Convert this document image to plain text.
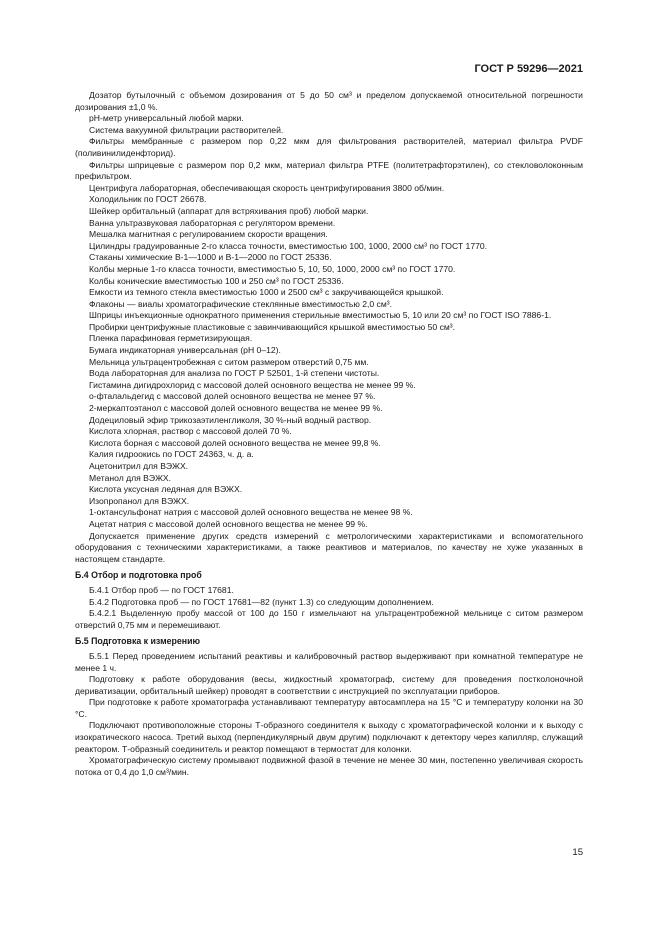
ГОСТ Р 59296—2021

Дозатор бутылочный с объемом дозирования от 5 до 50 см³ и пределом допускаемой относительной погрешности дозирования ±1,0 %.

рН-метр универсальный любой марки.

Система вакуумной фильтрации растворителей.

Фильтры мембранные с размером пор 0,22 мкм для фильтрования растворителей, материал фильтра PVDF (поливинилиденфторид).

Фильтры шприцевые с размером пор 0,2 мкм, материал фильтра PTFE (политетрафторэтилен), со стекловолоконным префильтром.

Центрифуга лабораторная, обеспечивающая скорость центрифугирования 3800 об/мин.

Холодильник по ГОСТ 26678.

Шейкер орбитальный (аппарат для встряхивания проб) любой марки.

Ванна ультразвуковая лабораторная с регулятором времени.

Мешалка магнитная с регулированием скорости вращения.

Цилиндры градуированные 2-го класса точности, вместимостью 100, 1000, 2000 см³ по ГОСТ 1770.

Стаканы химические В-1—1000 и В-1—2000 по ГОСТ 25336.

Колбы мерные 1-го класса точности, вместимостью 5, 10, 50, 1000, 2000 см³ по ГОСТ 1770.

Колбы конические вместимостью 100 и 250 см³ по ГОСТ 25336.

Емкости из темного стекла вместимостью 1000 и 2500 см³ с закручивающейся крышкой.

Флаконы — виалы хроматографические стеклянные вместимостью 2,0 см³.

Шприцы инъекционные однократного применения стерильные вместимостью 5, 10 или 20 см³ по ГОСТ ISO 7886-1.

Пробирки центрифужные пластиковые с завинчивающийся крышкой вместимостью 50 см³.

Пленка парафиновая герметизирующая.

Бумага индикаторная универсальная (рН 0–12).

Мельница ультрацентробежная с ситом размером отверстий 0,75 мм.

Вода лабораторная для анализа по ГОСТ Р 52501, 1-й степени чистоты.

Гистамина дигидрохлорид с массовой долей основного вещества не менее 99 %.

о-фталальдегид с массовой долей основного вещества не менее 97 %.

2-меркаптоэтанол с массовой долей основного вещества не менее 99 %.

Додециловый эфир трикозаэтиленгликоля, 30 %-ный водный раствор.

Кислота хлорная, раствор с массовой долей 70 %.

Кислота борная с массовой долей основного вещества не менее 99,8 %.

Калия гидроокись по ГОСТ 24363, ч. д. а.

Ацетонитрил для ВЭЖХ.

Метанол для ВЭЖХ.

Кислота уксусная ледяная для ВЭЖХ.

Изопропанол для ВЭЖХ.

1-октансульфонат натрия с массовой долей основного вещества не менее 98 %.

Ацетат натрия с массовой долей основного вещества не менее 99 %.

Допускается применение других средств измерений с метрологическими характеристиками и вспомогательного оборудования с техническими характеристиками, а также реактивов и материалов, по качеству не хуже указанных в настоящем стандарте.

Б.4 Отбор и подготовка проб

Б.4.1 Отбор проб — по ГОСТ 17681.

Б.4.2 Подготовка проб — по ГОСТ 17681—82 (пункт 1.3) со следующим дополнением.

Б.4.2.1 Выделенную пробу массой от 100 до 150 г измельчают на ультрацентробежной мельнице с ситом размером отверстий 0,75 мм и перемешивают.

Б.5 Подготовка к измерению

Б.5.1 Перед проведением испытаний реактивы и калибровочный раствор выдерживают при комнатной температуре не менее 1 ч.

Подготовку к работе оборудования (весы, жидкостный хроматограф, систему для проведения постколоночной дериватизации, орбитальный шейкер) проводят в соответствии с инструкцией по эксплуатации приборов.

При подготовке к работе хроматографа устанавливают температуру автосамплера на 15 °С и температуру колонки на 30 °С.

Подключают противоположные стороны Т-образного соединителя к выходу с хроматографической колонки и к выходу с изократического насоса. Третий выход (перпендикулярный двум другим) подключают к детектору через капилляр, служащий реактором. Т-образный соединитель и реактор помещают в термостат для колонки.

Хроматографическую систему промывают подвижной фазой в течение не менее 30 мин, постепенно увеличивая скорость потока от 0,4 до 1,0 см³/мин.

15
